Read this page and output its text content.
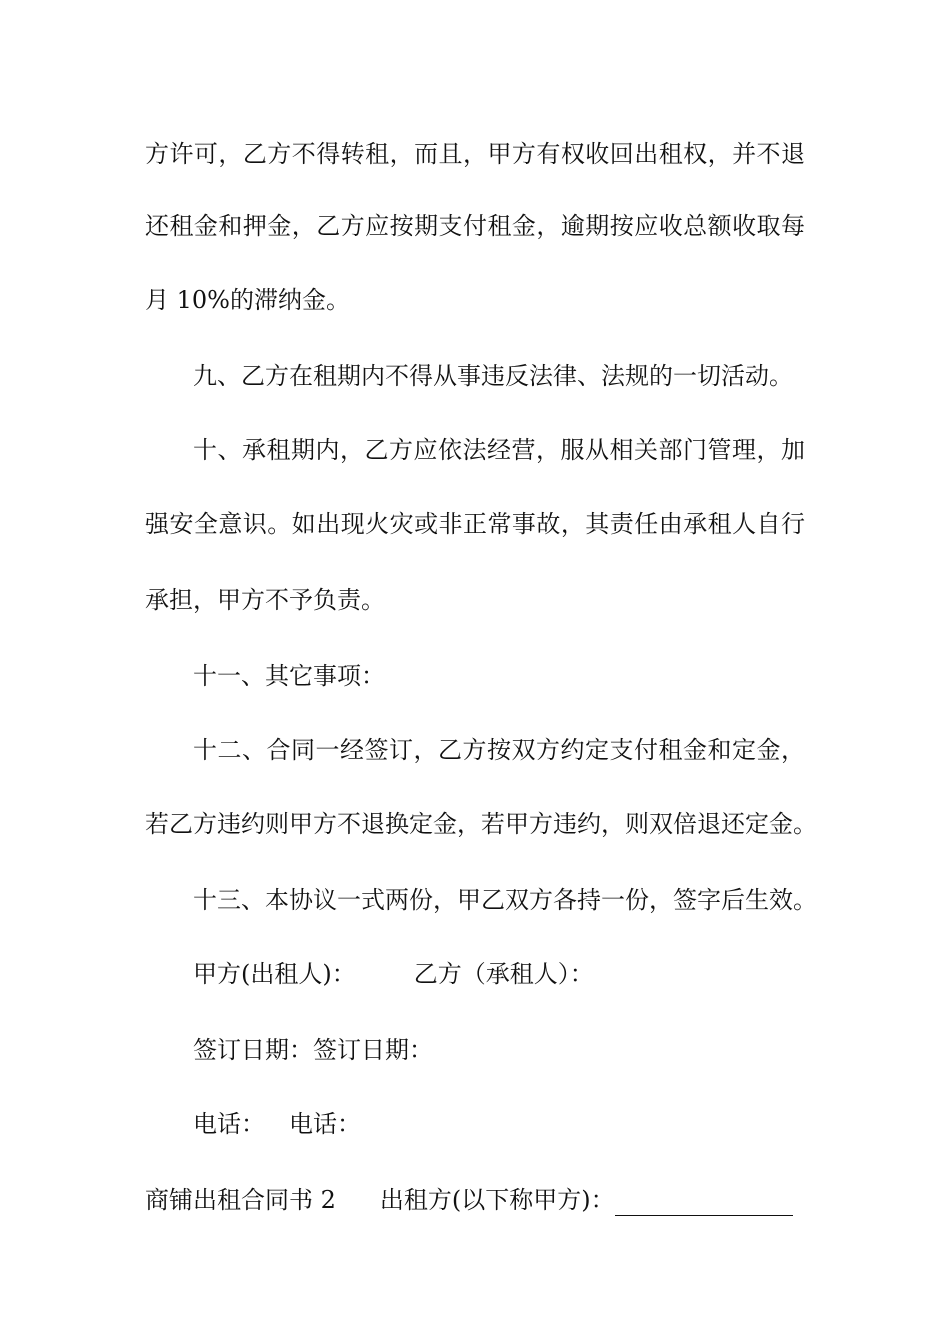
方许可，乙方不得转租，而且，甲方有权收回出租权，并不退
还租金和押金，乙方应按期支付租金，逾期按应收总额收取每
月 10%的滞纳金。
九、乙方在租期内不得从事违反法律、法规的一切活动。
十、承租期内，乙方应依法经营，服从相关部门管理，加
强安全意识。如出现火灾或非正常事故，其责任由承租人自行
承担，甲方不予负责。
十一、其它事项：
十二、合同一经签订，乙方按双方约定支付租金和定金，
若乙方违约则甲方不退换定金，若甲方违约，则双倍退还定金。
十三、本协议一式两份，甲乙双方各持一份，签字后生效。
甲方(出租人)： 乙方（承租人）：
签订日期：签订日期：
电话： 电话：
商铺出租合同书 2 出租方(以下称甲方)：
